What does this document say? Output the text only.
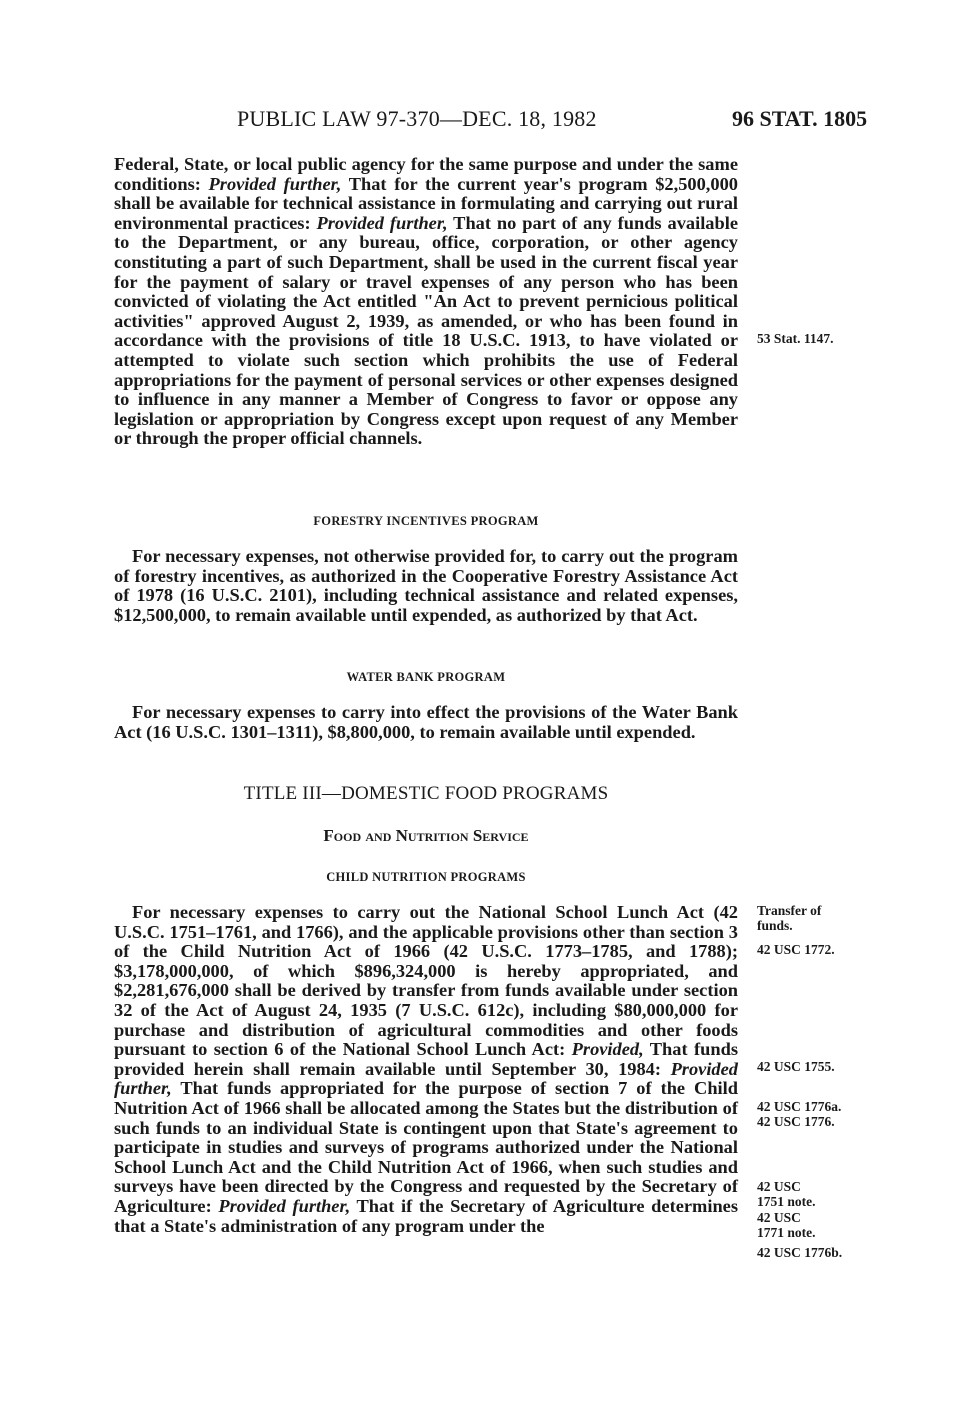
PUBLIC LAW 97-370—DEC. 18, 1982	96 STAT. 1805

Federal, State, or local public agency for the same purpose and under the same conditions: Provided further, That for the current year's program $2,500,000 shall be available for technical assistance in formulating and carrying out rural environmental practices: Provided further, That no part of any funds available to the Department, or any bureau, office, corporation, or other agency constituting a part of such Department, shall be used in the current fiscal year for the payment of salary or travel expenses of any person who has been convicted of violating the Act entitled "An Act to prevent pernicious political activities" approved August 2, 1939, as amended, or who has been found in accordance with the provisions of title 18 U.S.C. 1913, to have violated or attempted to violate such section which prohibits the use of Federal appropriations for the payment of personal services or other expenses designed to influence in any manner a Member of Congress to favor or oppose any legislation or appropriation by Congress except upon request of any Member or through the proper official channels.

FORESTRY INCENTIVES PROGRAM

For necessary expenses, not otherwise provided for, to carry out the program of forestry incentives, as authorized in the Cooperative Forestry Assistance Act of 1978 (16 U.S.C. 2101), including technical assistance and related expenses, $12,500,000, to remain available until expended, as authorized by that Act.

WATER BANK PROGRAM

For necessary expenses to carry into effect the provisions of the Water Bank Act (16 U.S.C. 1301–1311), $8,800,000, to remain available until expended.

TITLE III—DOMESTIC FOOD PROGRAMS
Food and Nutrition Service
CHILD NUTRITION PROGRAMS

For necessary expenses to carry out the National School Lunch Act (42 U.S.C. 1751–1761, and 1766), and the applicable provisions other than section 3 of the Child Nutrition Act of 1966 (42 U.S.C. 1773–1785, and 1788); $3,178,000,000, of which $896,324,000 is hereby appropriated, and $2,281,676,000 shall be derived by transfer from funds available under section 32 of the Act of August 24, 1935 (7 U.S.C. 612c), including $80,000,000 for purchase and distribution of agricultural commodities and other foods pursuant to section 6 of the National School Lunch Act: Provided, That funds provided herein shall remain available until September 30, 1984: Provided further, That funds appropriated for the purpose of section 7 of the Child Nutrition Act of 1966 shall be allocated among the States but the distribution of such funds to an individual State is contingent upon that State's agreement to participate in studies and surveys of programs authorized under the National School Lunch Act and the Child Nutrition Act of 1966, when such studies and surveys have been directed by the Congress and requested by the Secretary of Agriculture: Provided further, That if the Secretary of Agriculture determines that a State's administration of any program under the

53 Stat. 1147.
Transfer of funds.
42 USC 1772.
42 USC 1755.
42 USC 1776a.
42 USC 1776.
42 USC 1751 note.
42 USC 1771 note.
42 USC 1776b.
